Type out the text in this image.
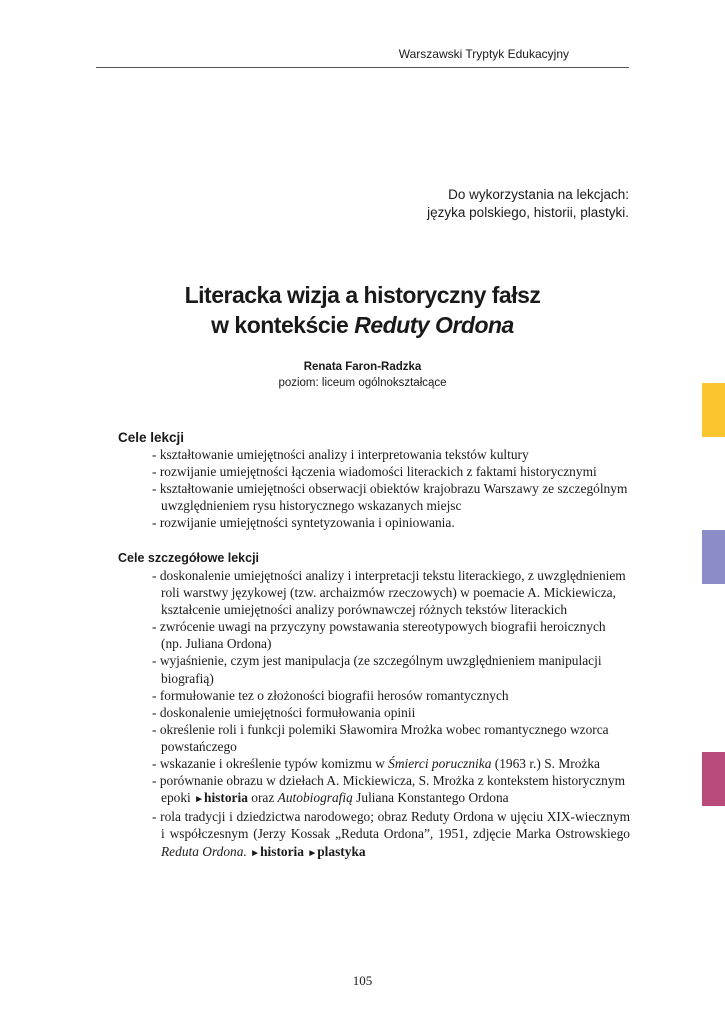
Warszawski Tryptyk Edukacyjny
Do wykorzystania na lekcjach:
języka polskiego, historii, plastyki.
Literacka wizja a historyczny fałsz
w kontekście Reduty Ordona
Renata Faron-Radzka
poziom: liceum ogólnokształcące
Cele lekcji
- kształtowanie umiejętności analizy i interpretowania tekstów kultury
- rozwijanie umiejętności łączenia wiadomości literackich z faktami historycznymi
- kształtowanie umiejętności obserwacji obiektów krajobrazu Warszawy ze szczególnym uwzględnieniem rysu historycznego wskazanych miejsc
- rozwijanie umiejętności syntetyzowania i opiniowania.
Cele szczegółowe lekcji
- doskonalenie umiejętności analizy i interpretacji tekstu literackiego, z uwzględnieniem roli warstwy językowej (tzw. archaizmów rzeczowych) w poemacie A. Mickiewicza, kształcenie umiejętności analizy porównawczej różnych tekstów literackich
- zwrócenie uwagi na przyczyny powstawania stereotypowych biografii heroicznych (np. Juliana Ordona)
- wyjaśnienie, czym jest manipulacja (ze szczególnym uwzględnieniem manipulacji biografią)
- formułowanie tez o złożoności biografii herosów romantycznych
- doskonalenie umiejętności formułowania opinii
- określenie roli i funkcji polemiki Sławomira Mrożka wobec romantycznego wzorca powstańczego
- wskazanie i określenie typów komizmu w Śmierci porucznika (1963 r.) S. Mrożka
- porównanie obrazu w dziełach A. Mickiewicza, S. Mrożka z kontekstem historycznym epoki ►historia oraz Autobiografią Juliana Konstantego Ordona
- rola tradycji i dziedzictwa narodowego; obraz Reduty Ordona w ujęciu XIX-wiecznym i współczesnym (Jerzy Kossak „Reduta Ordona”, 1951, zdjęcie Marka Ostrowskiego Reduta Ordona. ►historia ►plastyka
105
